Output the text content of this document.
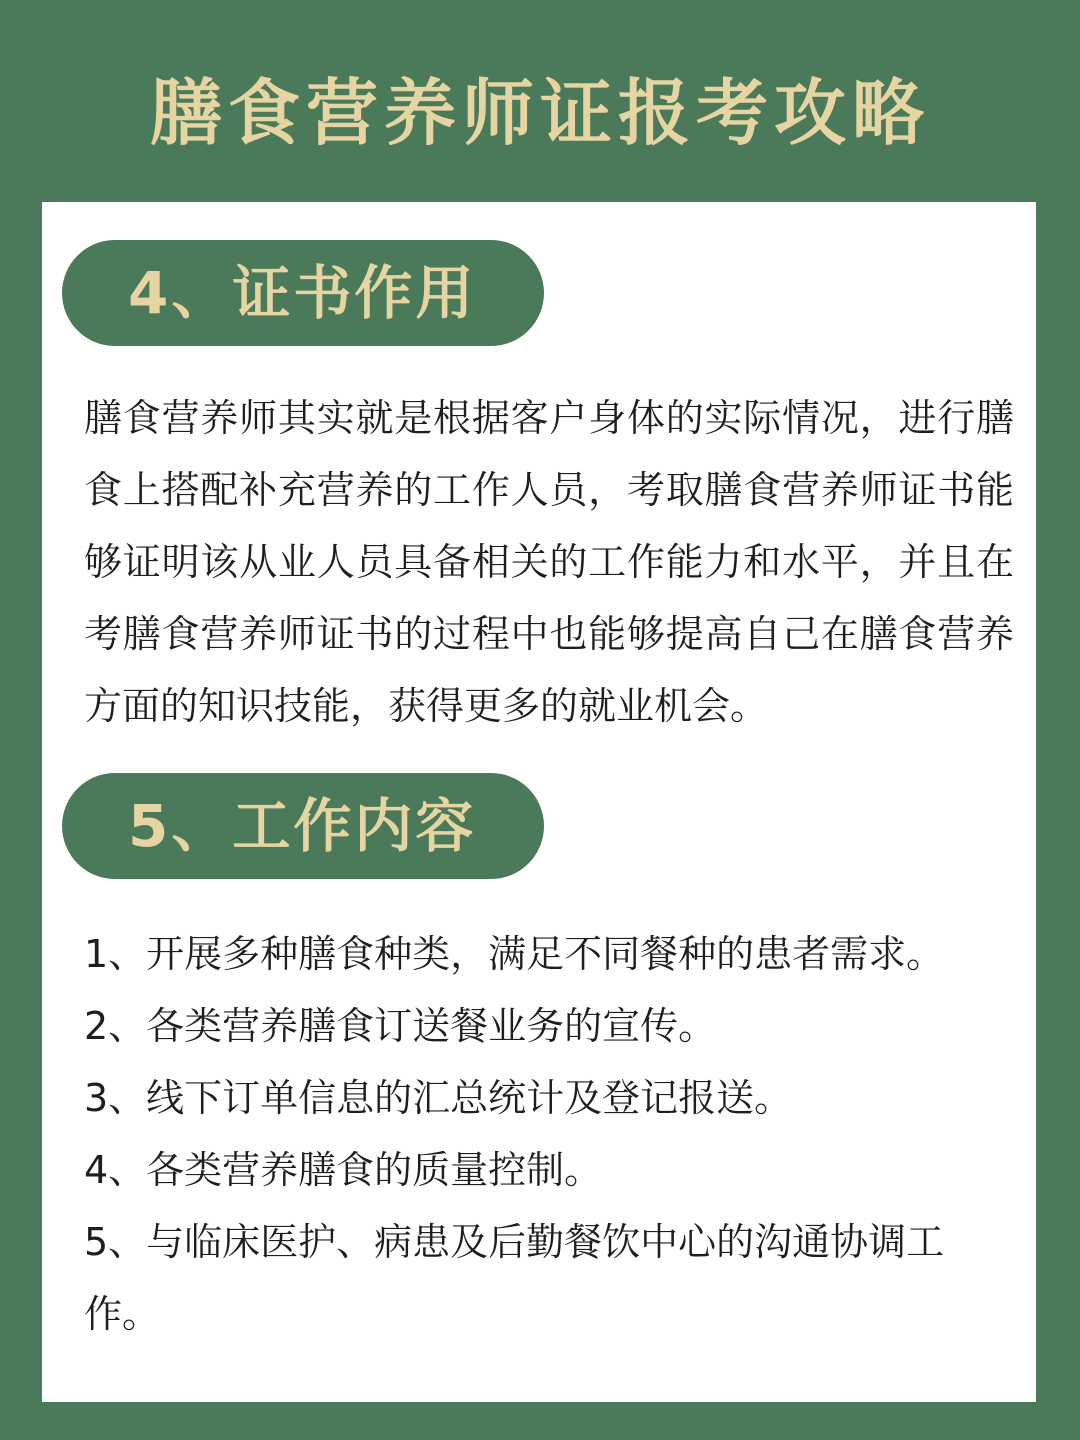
膳食营养师证报考攻略
4、证书作用
膳食营养师其实就是根据客户身体的实际情况，进行膳食上搭配补充营养的工作人员，考取膳食营养师证书能够证明该从业人员具备相关的工作能力和水平，并且在考膳食营养师证书的过程中也能够提高自己在膳食营养方面的知识技能，获得更多的就业机会。
5、工作内容
1、开展多种膳食种类，满足不同餐种的患者需求。
2、各类营养膳食订送餐业务的宣传。
3、线下订单信息的汇总统计及登记报送。
4、各类营养膳食的质量控制。
5、与临床医护、病患及后勤餐饮中心的沟通协调工作。
